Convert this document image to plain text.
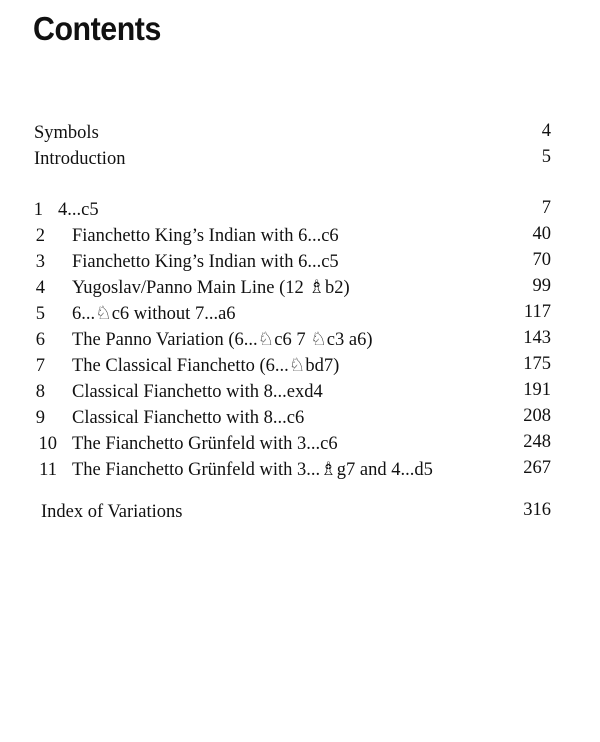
Contents
Symbols	4
Introduction	5
1 4...c5	7
2 Fianchetto King’s Indian with 6...c6	40
3 Fianchetto King’s Indian with 6...c5	70
4 Yugoslav/Panno Main Line (12 ♗b2)	99
5 6...♘c6 without 7...a6	117
6 The Panno Variation (6...♘c6 7 ♘c3 a6)	143
7 The Classical Fianchetto (6...♘bd7)	175
8 Classical Fianchetto with 8...exd4	191
9 Classical Fianchetto with 8...c6	208
10 The Fianchetto Grünfeld with 3...c6	248
11 The Fianchetto Grünfeld with 3...♗g7 and 4...d5	267
Index of Variations	316
